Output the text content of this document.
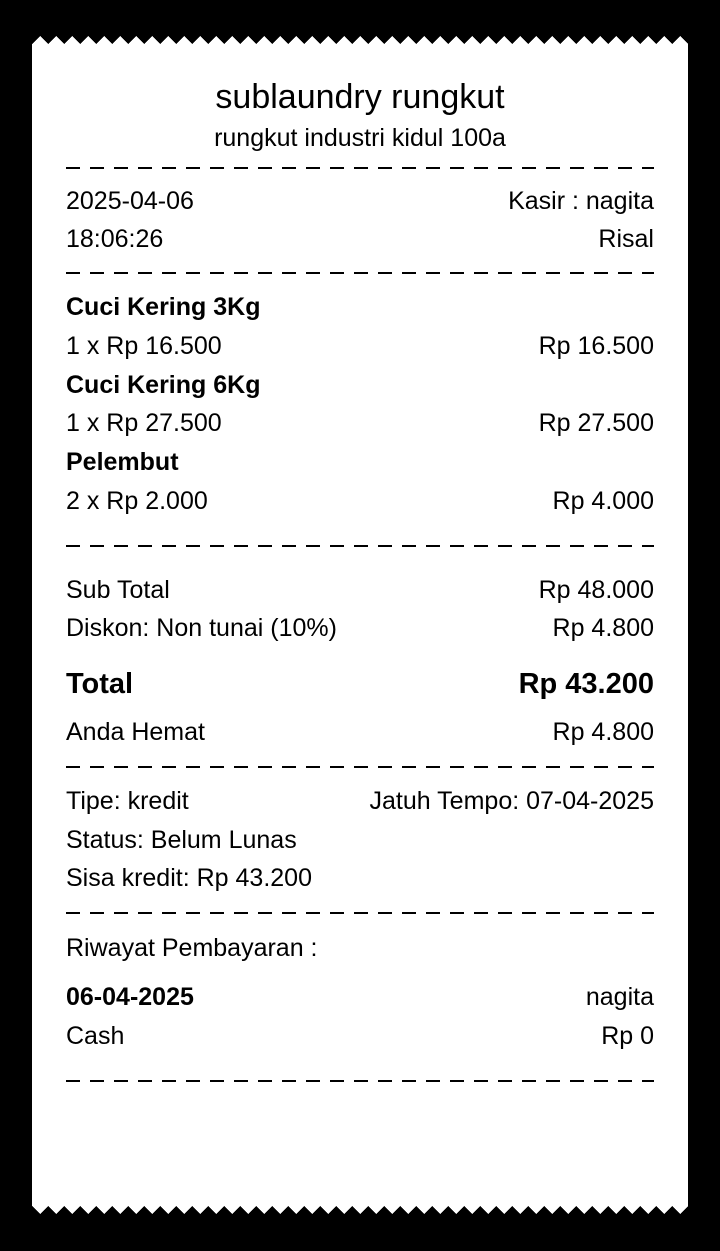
sublaundry rungkut
rungkut industri kidul 100a
2025-04-06	Kasir : nagita
18:06:26	Risal
Cuci Kering 3Kg
1 x Rp 16.500	Rp 16.500
Cuci Kering 6Kg
1 x Rp 27.500	Rp 27.500
Pelembut
2 x Rp 2.000	Rp 4.000
Sub Total	Rp 48.000
Diskon: Non tunai (10%)	Rp 4.800
Total	Rp 43.200
Anda Hemat	Rp 4.800
Tipe: kredit	Jatuh Tempo: 07-04-2025
Status: Belum Lunas
Sisa kredit: Rp 43.200
Riwayat Pembayaran :
06-04-2025	nagita
Cash	Rp 0
